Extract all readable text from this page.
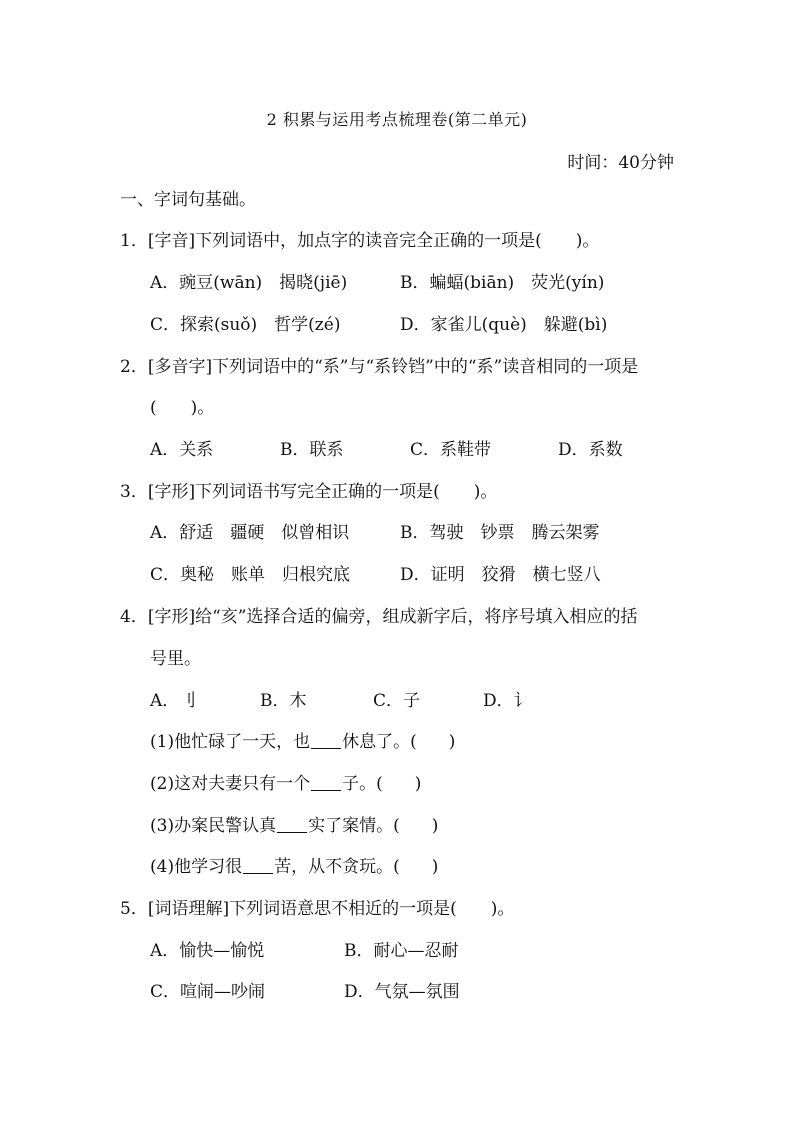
2 积累与运用考点梳理卷(第二单元)
时间：40分钟
一、字词句基础。
1．[字音]下列词语中，加点字的读音完全正确的一项是(　　)。
A．豌豆(wān)　揭晓(jiē)	B．蝙蝠(biān)　荧光(yín)
C．探索(suǒ)　哲学(zé)	D．家雀儿(què)　躲避(bì)
2．[多音字]下列词语中的“系”与“系铃铛”中的“系”读音相同的一项是
(　　)。
A．关系	B．联系	C．系鞋带	D．系数
3．[字形]下列词语书写完全正确的一项是(　　)。
A．舒适　疆硬　似曾相识	B．驾驶　钞票　腾云架雾
C．奥秘　账单　归根究底	D．证明　狡猾　横七竖八
4．[字形]给“亥”选择合适的偏旁，组成新字后，将序号填入相应的括
号里。
A．刂	B．木	C．子	D．讠
(1)他忙碌了一天，也 休息了。( )
(2)这对夫妻只有一个 子。( )
(3)办案民警认真 实了案情。( )
(4)他学习很 苦，从不贪玩。( )
5．[词语理解]下列词语意思不相近的一项是(　　)。
A．愉快—愉悦	B．耐心—忍耐
C．喧闹—吵闹	D．气氛—氛围
